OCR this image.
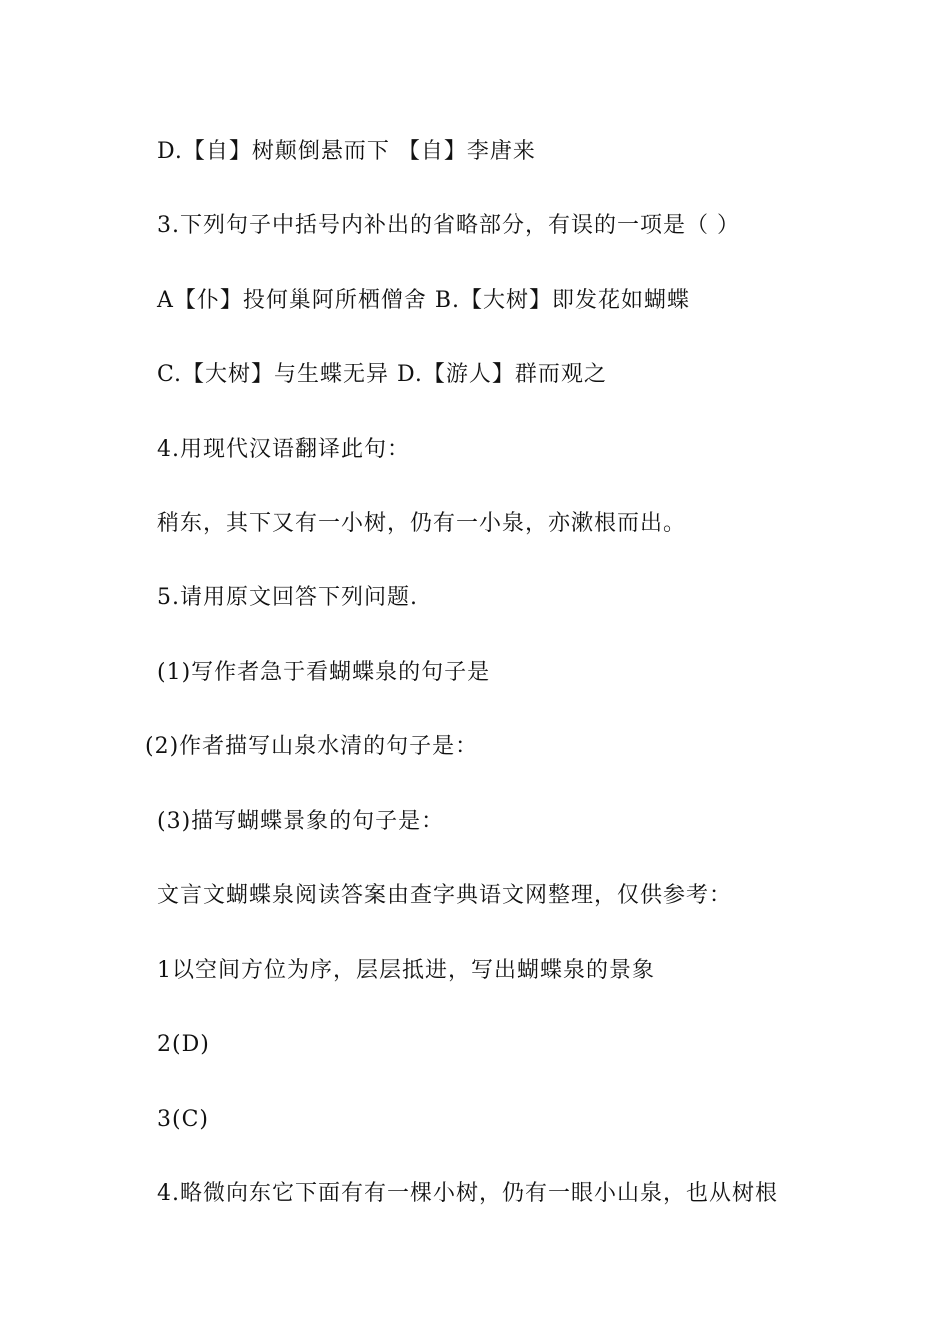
D.【自】树颠倒悬而下 【自】李唐来
3.下列句子中括号内补出的省略部分，有误的一项是（ ）
A【仆】投何巢阿所栖僧舍 B.【大树】即发花如蝴蝶
C.【大树】与生蝶无异 D.【游人】群而观之
4.用现代汉语翻译此句：
稍东，其下又有一小树，仍有一小泉，亦漱根而出。
5.请用原文回答下列问题.
(1)写作者急于看蝴蝶泉的句子是
(2)作者描写山泉水清的句子是：
(3)描写蝴蝶景象的句子是：
文言文蝴蝶泉阅读答案由查字典语文网整理，仅供参考：
1以空间方位为序，层层抵进，写出蝴蝶泉的景象
2(D)
3(C)
4.略微向东它下面有有一棵小树，仍有一眼小山泉，也从树根
